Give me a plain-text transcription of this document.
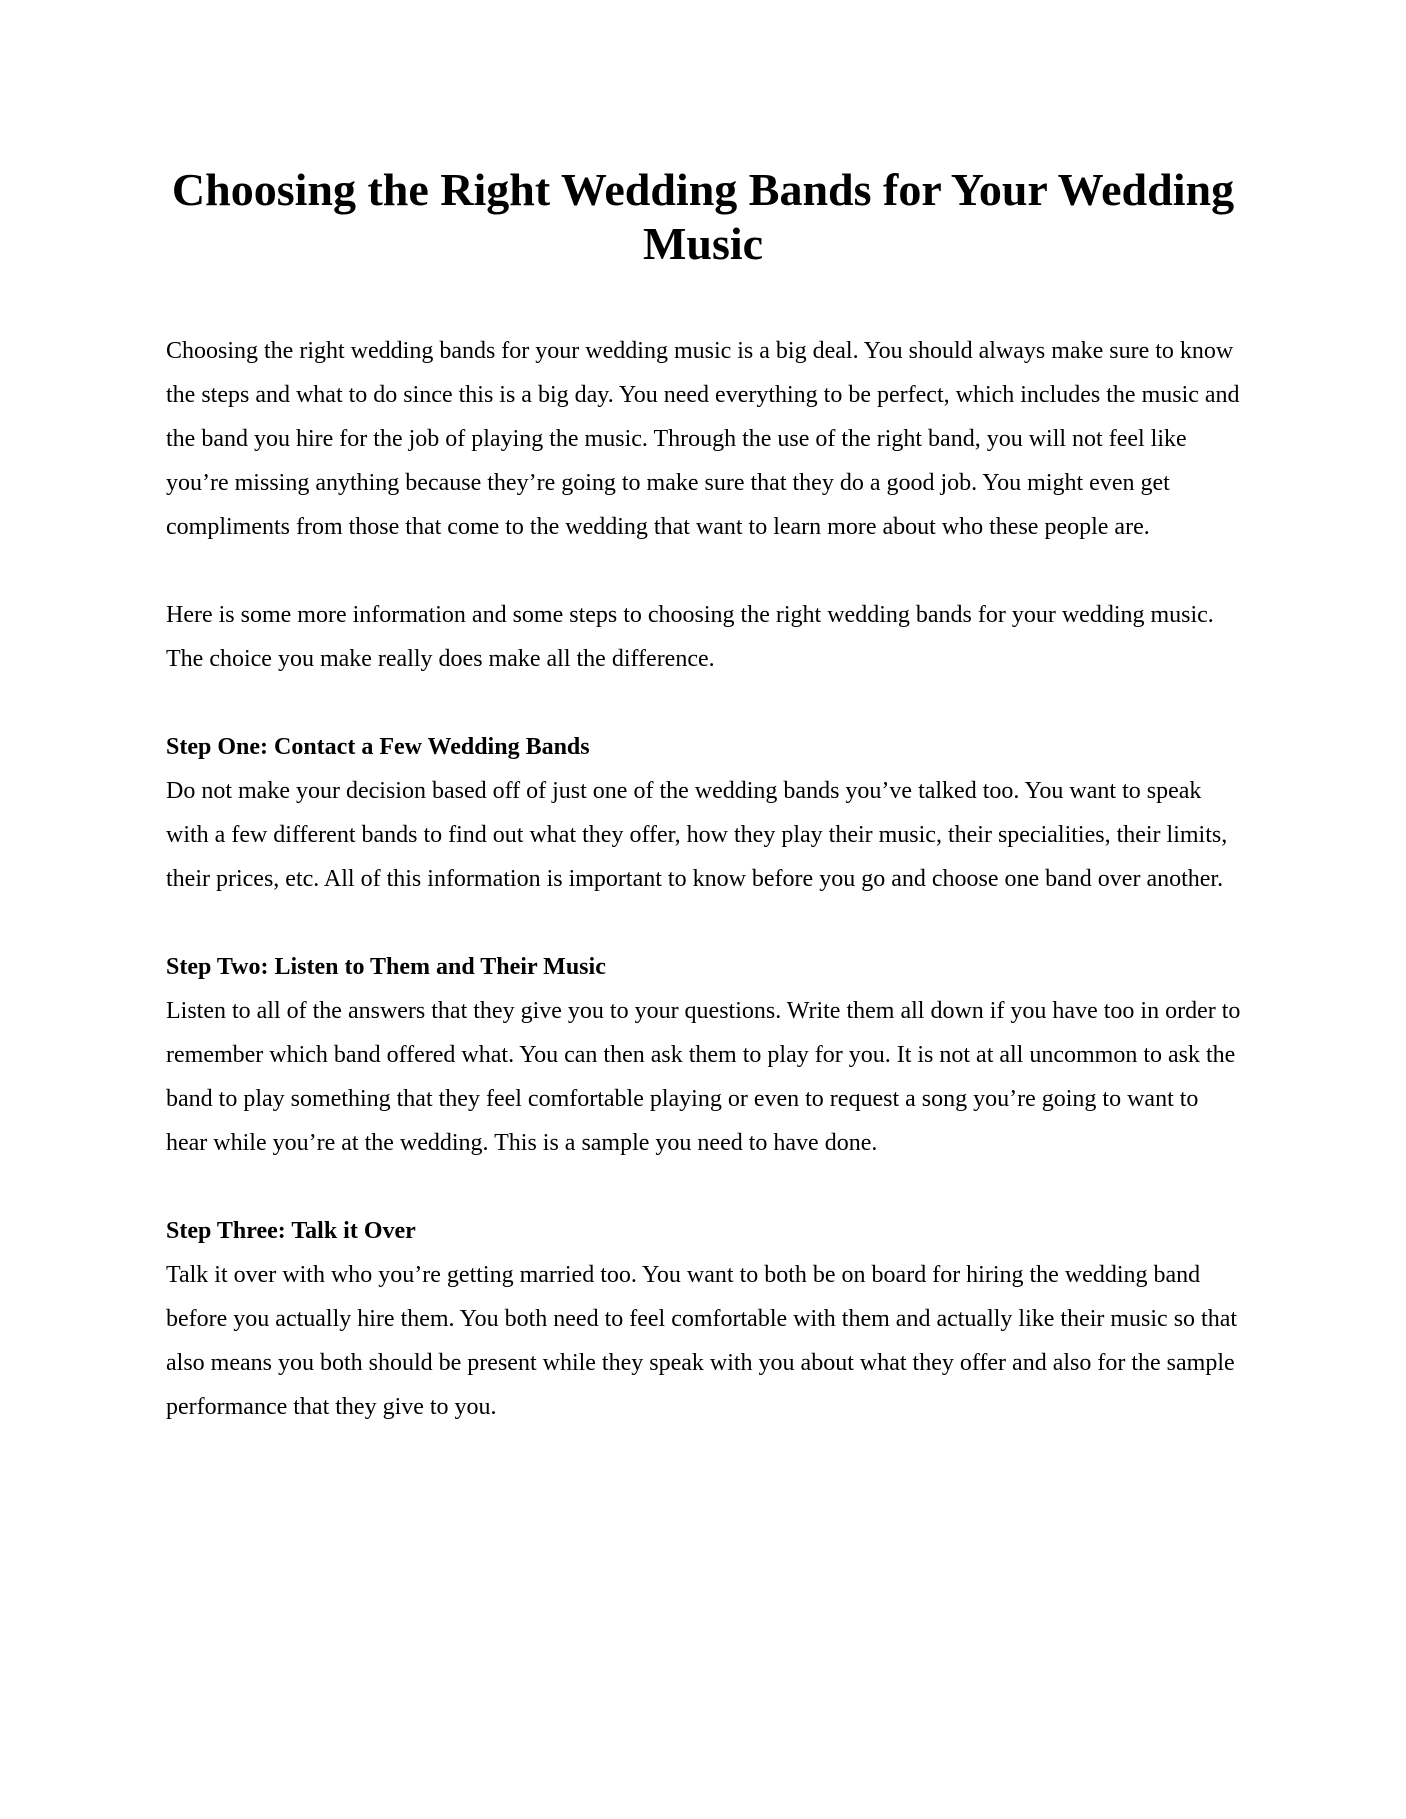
Choosing the Right Wedding Bands for Your Wedding Music

Choosing the right wedding bands for your wedding music is a big deal. You should always make sure to know the steps and what to do since this is a big day. You need everything to be perfect, which includes the music and the band you hire for the job of playing the music. Through the use of the right band, you will not feel like you’re missing anything because they’re going to make sure that they do a good job. You might even get compliments from those that come to the wedding that want to learn more about who these people are.

Here is some more information and some steps to choosing the right wedding bands for your wedding music. The choice you make really does make all the difference.

Step One: Contact a Few Wedding Bands

Do not make your decision based off of just one of the wedding bands you’ve talked too. You want to speak with a few different bands to find out what they offer, how they play their music, their specialities, their limits, their prices, etc. All of this information is important to know before you go and choose one band over another.

Step Two: Listen to Them and Their Music

Listen to all of the answers that they give you to your questions. Write them all down if you have too in order to remember which band offered what. You can then ask them to play for you. It is not at all uncommon to ask the band to play something that they feel comfortable playing or even to request a song you’re going to want to hear while you’re at the wedding. This is a sample you need to have done.

Step Three: Talk it Over

Talk it over with who you’re getting married too. You want to both be on board for hiring the wedding band before you actually hire them. You both need to feel comfortable with them and actually like their music so that also means you both should be present while they speak with you about what they offer and also for the sample performance that they give to you.
